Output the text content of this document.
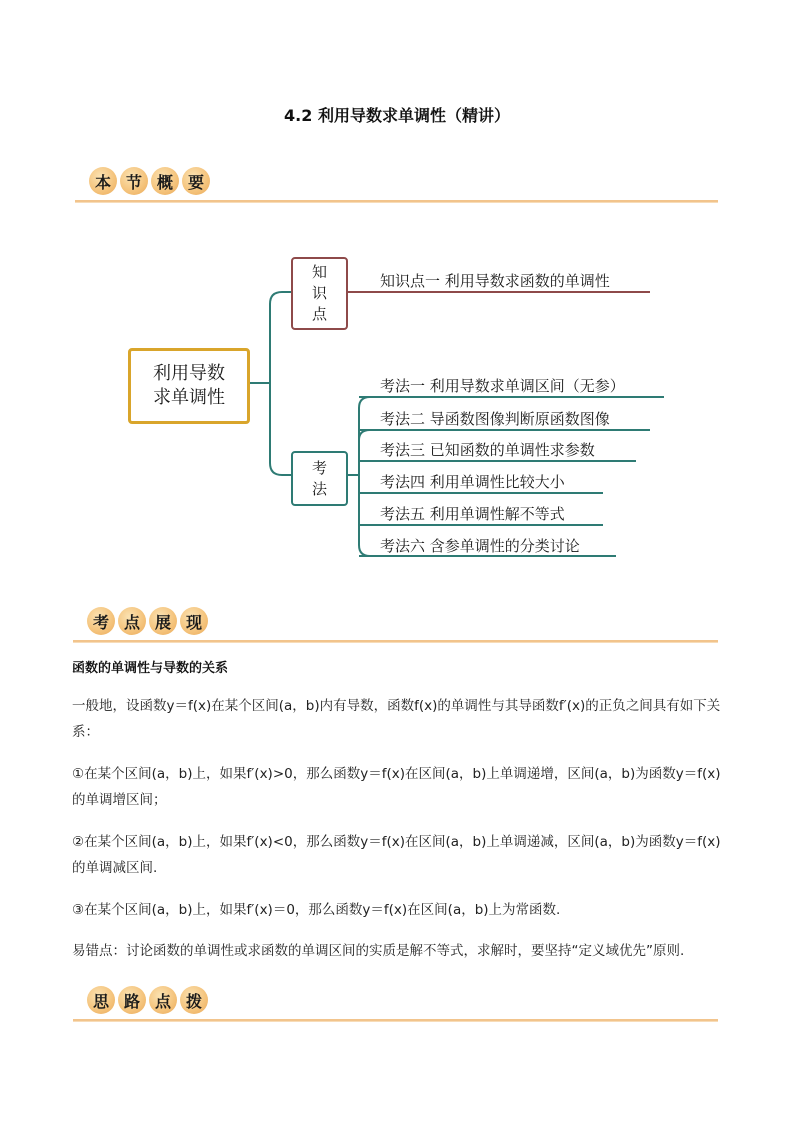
4.2 利用导数求单调性（精讲）
本 节 概 要
利用导数
求单调性
知
识
点
考
法
知识点一 利用导数求函数的单调性
考法一 利用导数求单调区间（无参）
考法二 导函数图像判断原函数图像
考法三 已知函数的单调性求参数
考法四 利用单调性比较大小
考法五 利用单调性解不等式
考法六 含参单调性的分类讨论
考 点 展 现
函数的单调性与导数的关系
一般地，设函数y＝f(x)在某个区间(a，b)内有导数，函数f(x)的单调性与其导函数f′(x)的正负之间具有如下关系：
①在某个区间(a，b)上，如果f′(x)>0，那么函数y＝f(x)在区间(a，b)上单调递增，区间(a，b)为函数y＝f(x)的单调增区间；
②在某个区间(a，b)上，如果f′(x)<0，那么函数y＝f(x)在区间(a，b)上单调递减，区间(a，b)为函数y＝f(x)的单调减区间.
③在某个区间(a，b)上，如果f′(x)＝0，那么函数y＝f(x)在区间(a，b)上为常函数.
易错点：讨论函数的单调性或求函数的单调区间的实质是解不等式，求解时，要坚持“定义域优先”原则.
思 路 点 拨
